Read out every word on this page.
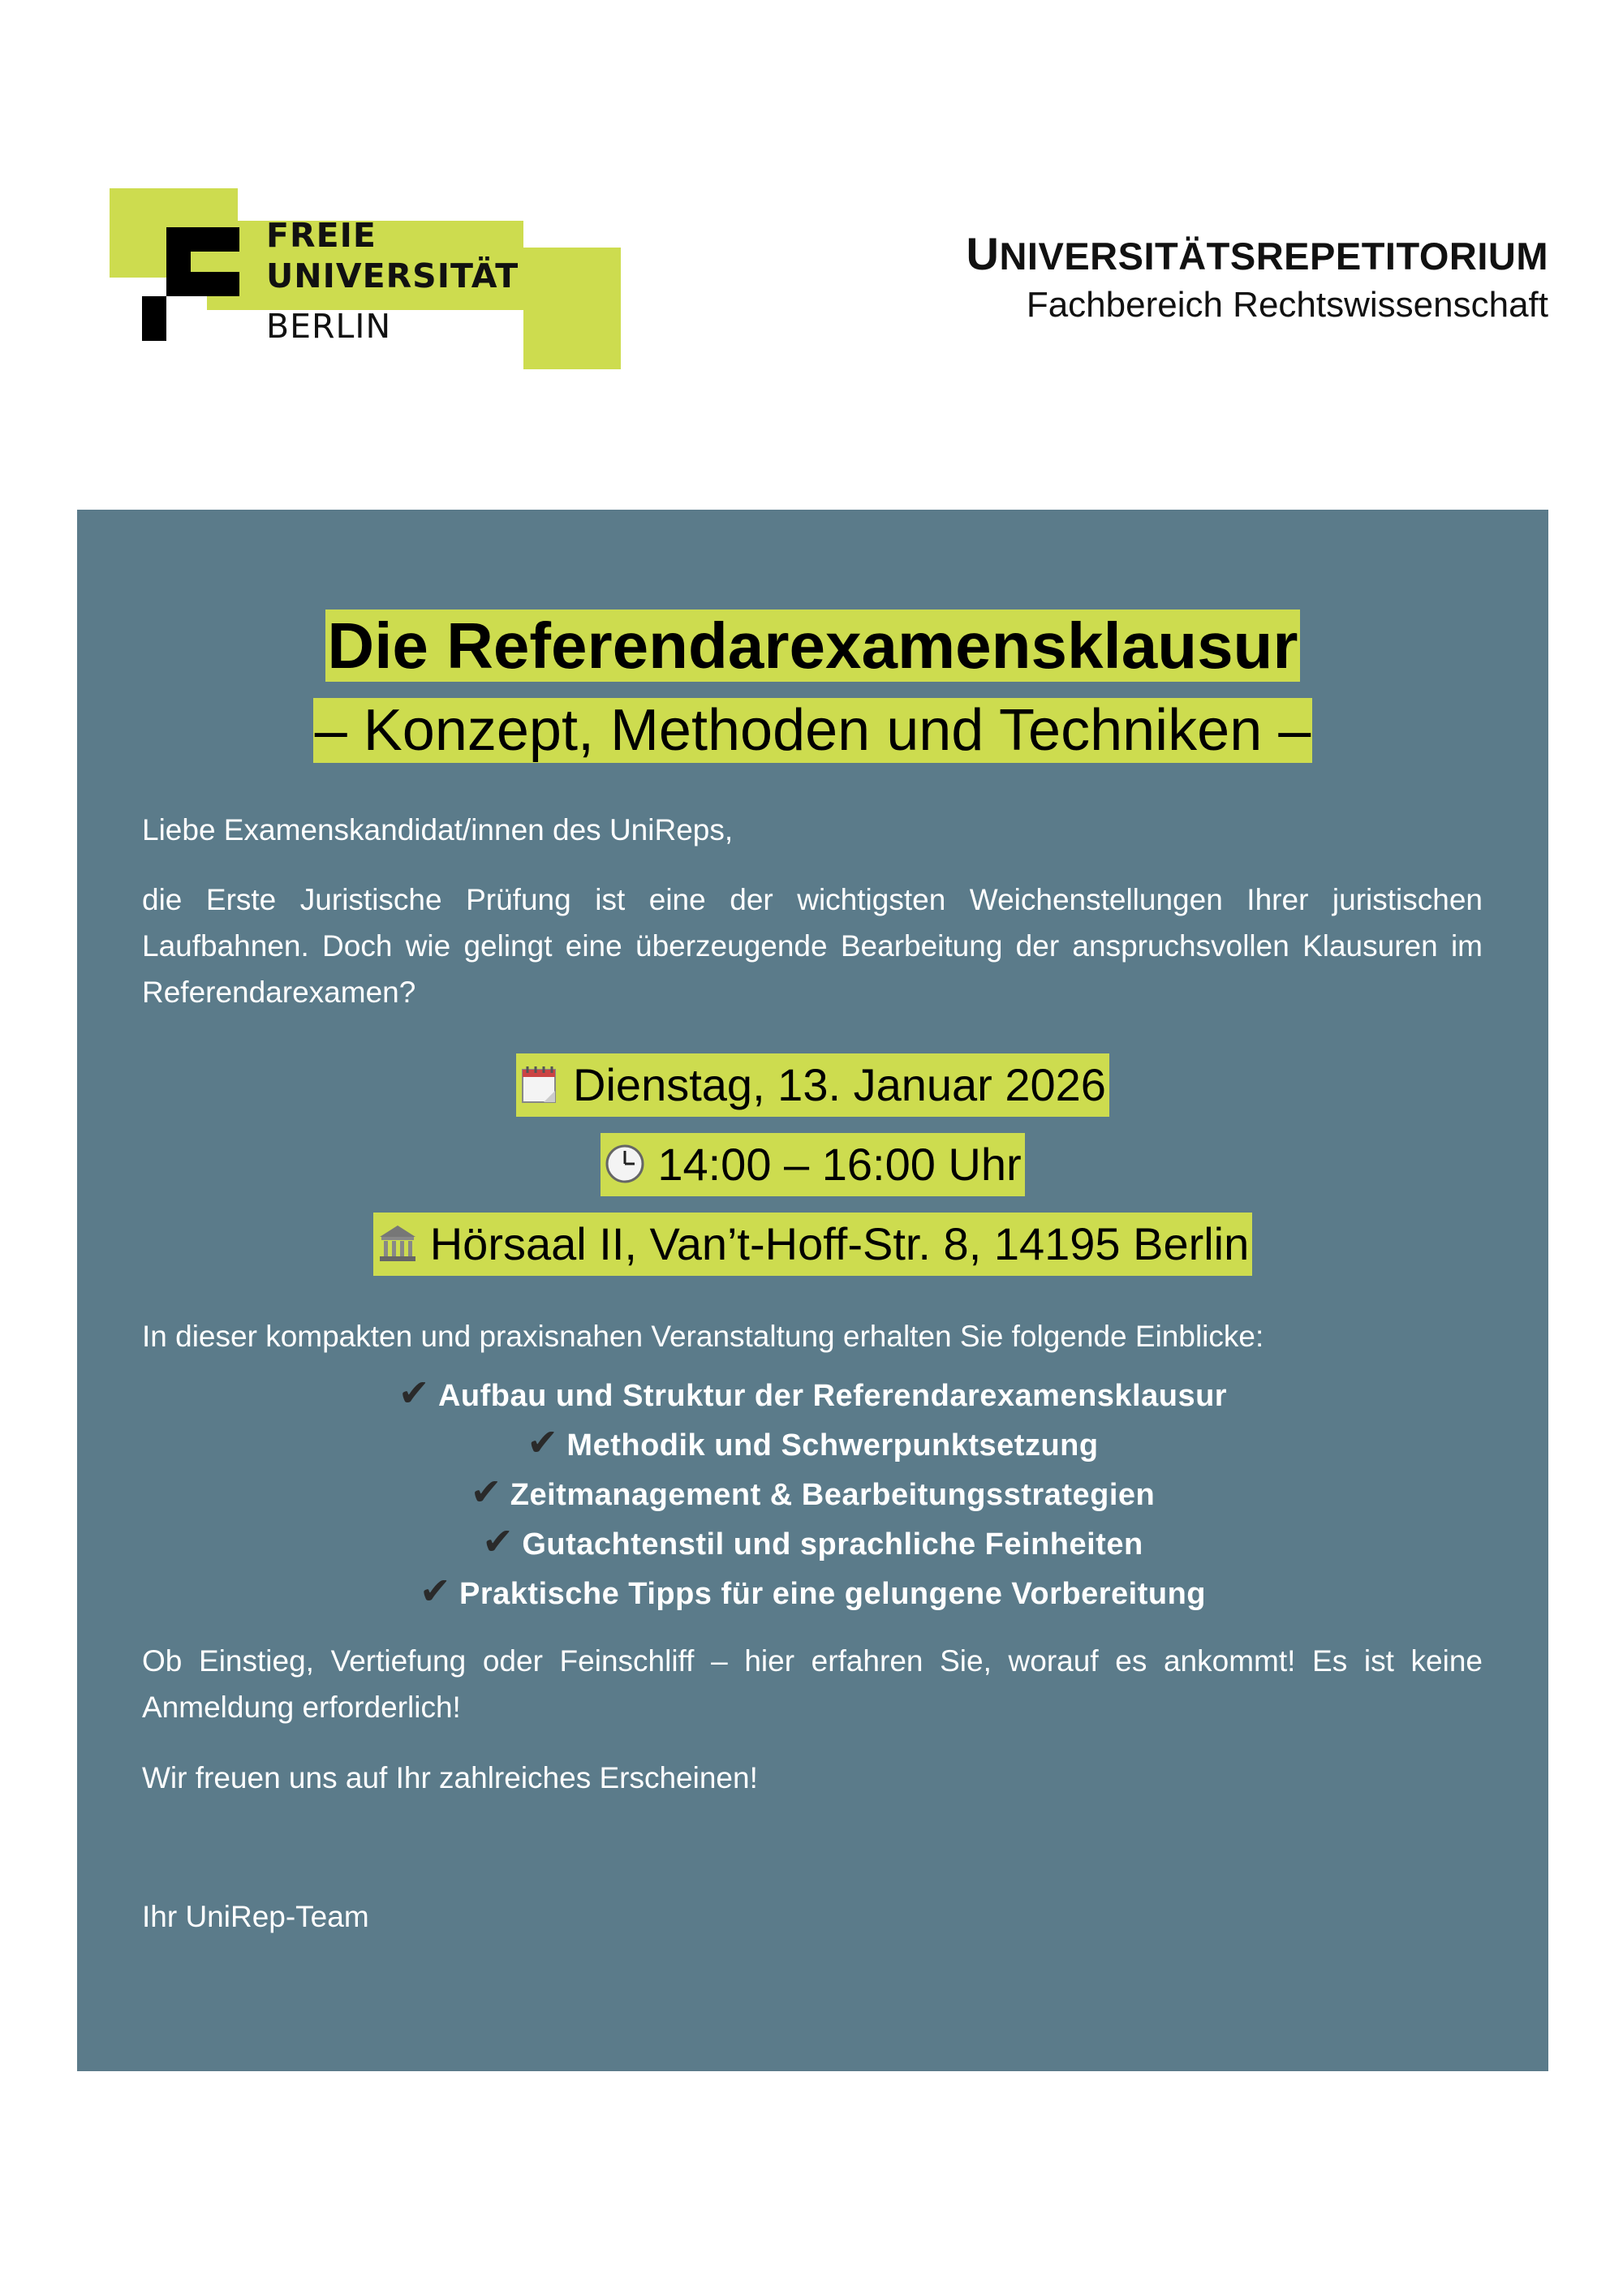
FREIE
UNIVERSITÄT
BERLIN
UNIVERSITÄTSREPETITORIUM
Fachbereich Rechtswissenschaft
Die Referendarexamensklausur
– Konzept, Methoden und Techniken –
Liebe Examenskandidat/innen des UniReps,
die Erste Juristische Prüfung ist eine der wichtigsten Weichenstellungen Ihrer juristischen Laufbahnen. Doch wie gelingt eine überzeugende Bearbeitung der anspruchsvollen Klausuren im Referendarexamen?
Dienstag, 13. Januar 2026
14:00 – 16:00 Uhr
Hörsaal II, Van’t-Hoff-Str. 8, 14195 Berlin
In dieser kompakten und praxisnahen Veranstaltung erhalten Sie folgende Einblicke:
✔ Aufbau und Struktur der Referendarexamensklausur
✔ Methodik und Schwerpunktsetzung
✔ Zeitmanagement & Bearbeitungsstrategien
✔ Gutachtenstil und sprachliche Feinheiten
✔ Praktische Tipps für eine gelungene Vorbereitung
Ob Einstieg, Vertiefung oder Feinschliff – hier erfahren Sie, worauf es ankommt! Es ist keine Anmeldung erforderlich!
Wir freuen uns auf Ihr zahlreiches Erscheinen!
Ihr UniRep-Team
